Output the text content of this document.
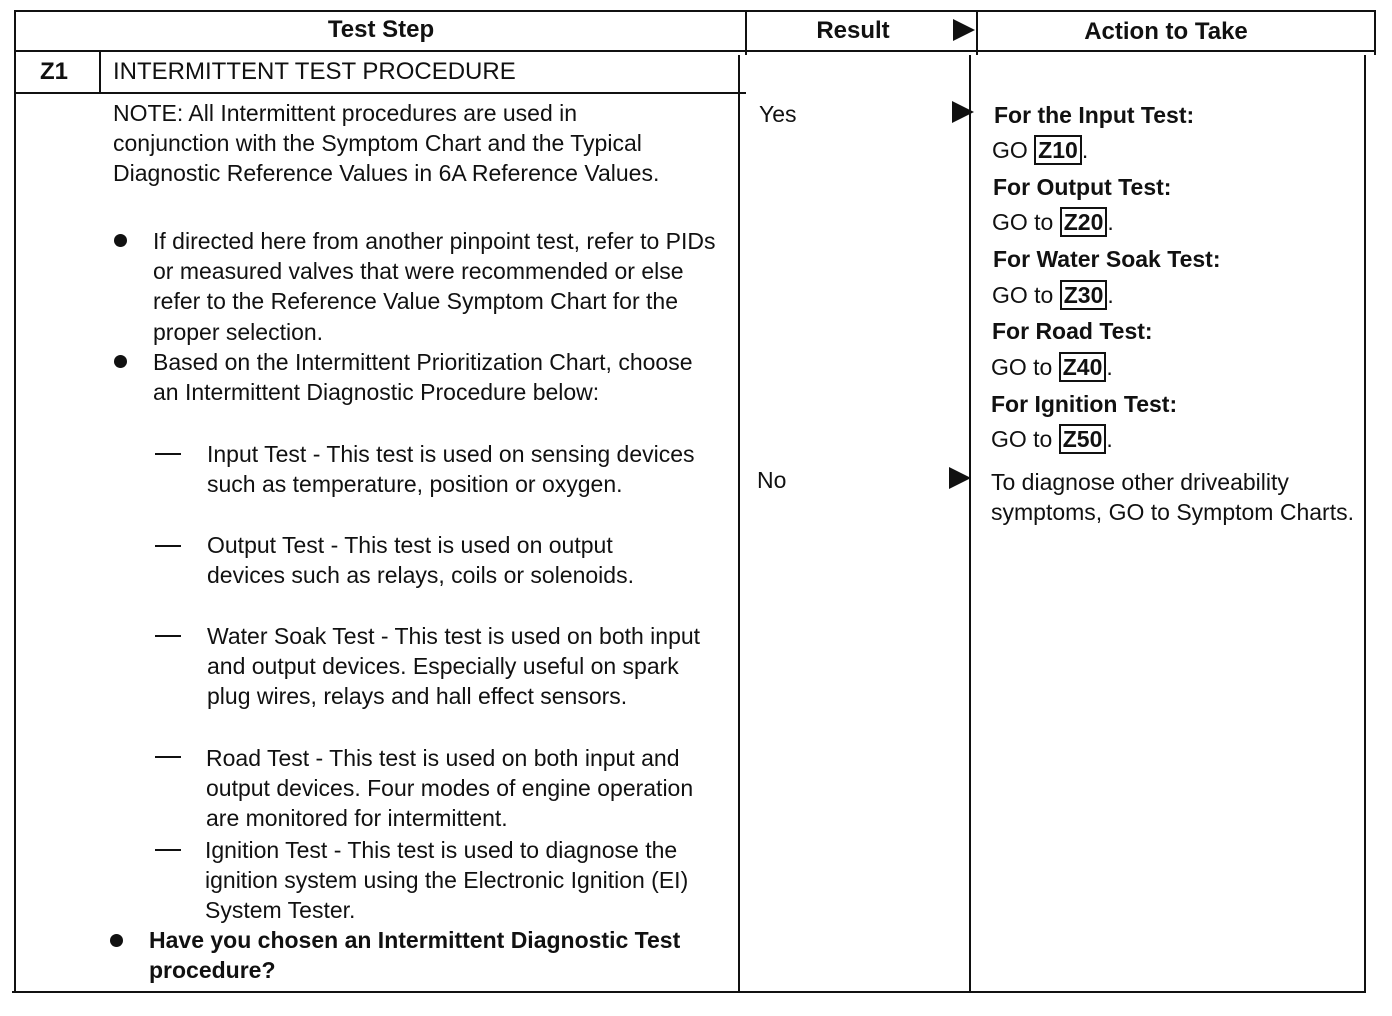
Test Step	Result	Action to Take
Z1 INTERMITTENT TEST PROCEDURE
NOTE: All Intermittent procedures are used in conjunction with the Symptom Chart and the Typical Diagnostic Reference Values in 6A Reference Values.
If directed here from another pinpoint test, refer to PIDs or measured valves that were recommended or else refer to the Reference Value Symptom Chart for the proper selection.
Based on the Intermittent Prioritization Chart, choose an Intermittent Diagnostic Procedure below:
Input Test - This test is used on sensing devices such as temperature, position or oxygen.
Output Test - This test is used on output devices such as relays, coils or solenoids.
Water Soak Test - This test is used on both input and output devices. Especially useful on spark plug wires, relays and hall effect sensors.
Road Test - This test is used on both input and output devices. Four modes of engine operation are monitored for intermittent.
Ignition Test - This test is used to diagnose the ignition system using the Electronic Ignition (EI) System Tester.
Have you chosen an Intermittent Diagnostic Test procedure?
Yes
No
For the Input Test:
GO Z10 .
For Output Test:
GO to Z20 .
For Water Soak Test:
GO to Z30 .
For Road Test:
GO to Z40 .
For Ignition Test:
GO to Z50 .
To diagnose other driveability symptoms, GO to Symptom Charts.
